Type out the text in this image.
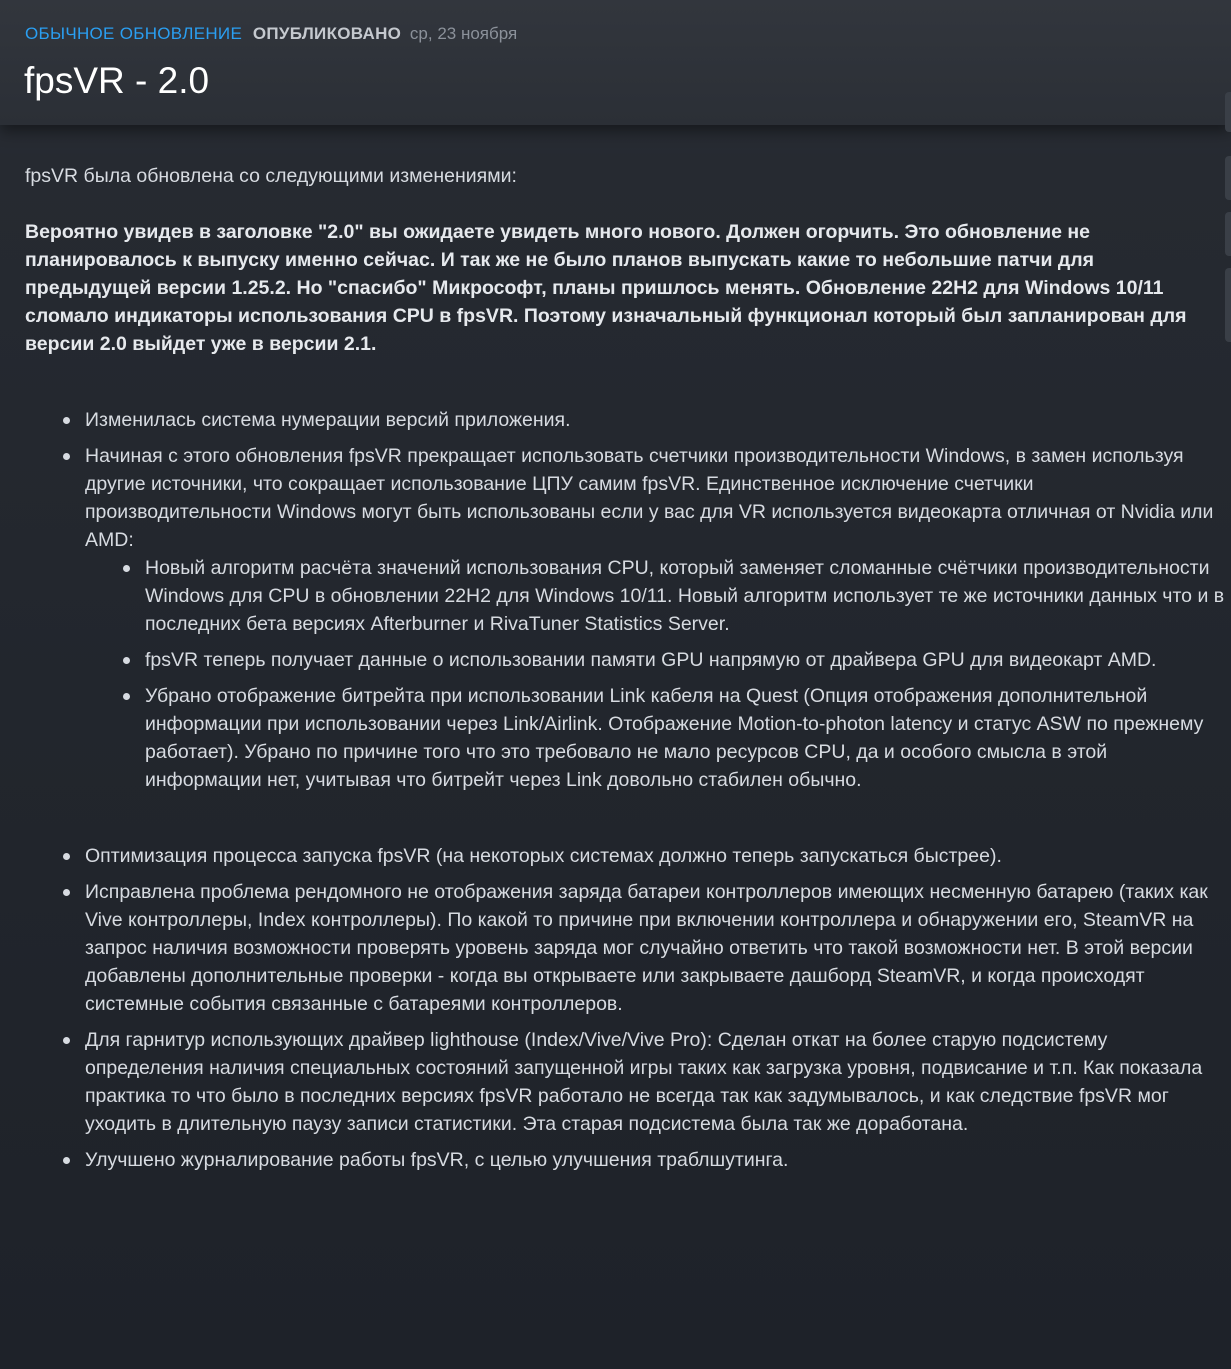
ОБЫЧНОЕ ОБНОВЛЕНИЕ ОПУБЛИКОВАНО ср, 23 ноября
fpsVR - 2.0

fpsVR была обновлена со следующими изменениями:

Вероятно увидев в заголовке "2.0" вы ожидаете увидеть много нового. Должен огорчить. Это обновление не планировалось к выпуску именно сейчас. И так же не было планов выпускать какие то небольшие патчи для предыдущей версии 1.25.2. Но "спасибо" Микрософт, планы пришлось менять. Обновление 22H2 для Windows 10/11 сломало индикаторы использования CPU в fpsVR. Поэтому изначальный функционал который был запланирован для версии 2.0 выйдет уже в версии 2.1.

Изменилась система нумерации версий приложения.
Начиная с этого обновления fpsVR прекращает использовать счетчики производительности Windows, в замен используя другие источники, что сокращает использование ЦПУ самим fpsVR. Единственное исключение счетчики производительности Windows могут быть использованы если у вас для VR используется видеокарта отличная от Nvidia или AMD:
Новый алгоритм расчёта значений использования CPU, который заменяет сломанные счётчики производительности Windows для CPU в обновлении 22H2 для Windows 10/11. Новый алгоритм использует те же источники данных что и в последних бета версиях Afterburner и RivaTuner Statistics Server.
fpsVR теперь получает данные о использовании памяти GPU напрямую от драйвера GPU для видеокарт AMD.
Убрано отображение битрейта при использовании Link кабеля на Quest (Опция отображения дополнительной информации при использовании через Link/Airlink. Отображение Motion-to-photon latency и статус ASW по прежнему работает). Убрано по причине того что это требовало не мало ресурсов CPU, да и особого смысла в этой информации нет, учитывая что битрейт через Link довольно стабилен обычно.
Оптимизация процесса запуска fpsVR (на некоторых системах должно теперь запускаться быстрее).
Исправлена проблема рендомного не отображения заряда батареи контроллеров имеющих несменную батарею (таких как Vive контроллеры, Index контроллеры). По какой то причине при включении контроллера и обнаружении его, SteamVR на запрос наличия возможности проверять уровень заряда мог случайно ответить что такой возможности нет. В этой версии добавлены дополнительные проверки - когда вы открываете или закрываете дашборд SteamVR, и когда происходят системные события связанные с батареями контроллеров.
Для гарнитур использующих драйвер lighthouse (Index/Vive/Vive Pro): Сделан откат на более старую подсистему определения наличия специальных состояний запущенной игры таких как загрузка уровня, подвисание и т.п. Как показала практика то что было в последних версиях fpsVR работало не всегда так как задумывалось, и как следствие fpsVR мог уходить в длительную паузу записи статистики. Эта старая подсистема была так же доработана.
Улучшено журналирование работы fpsVR, с целью улучшения траблшутинга.
